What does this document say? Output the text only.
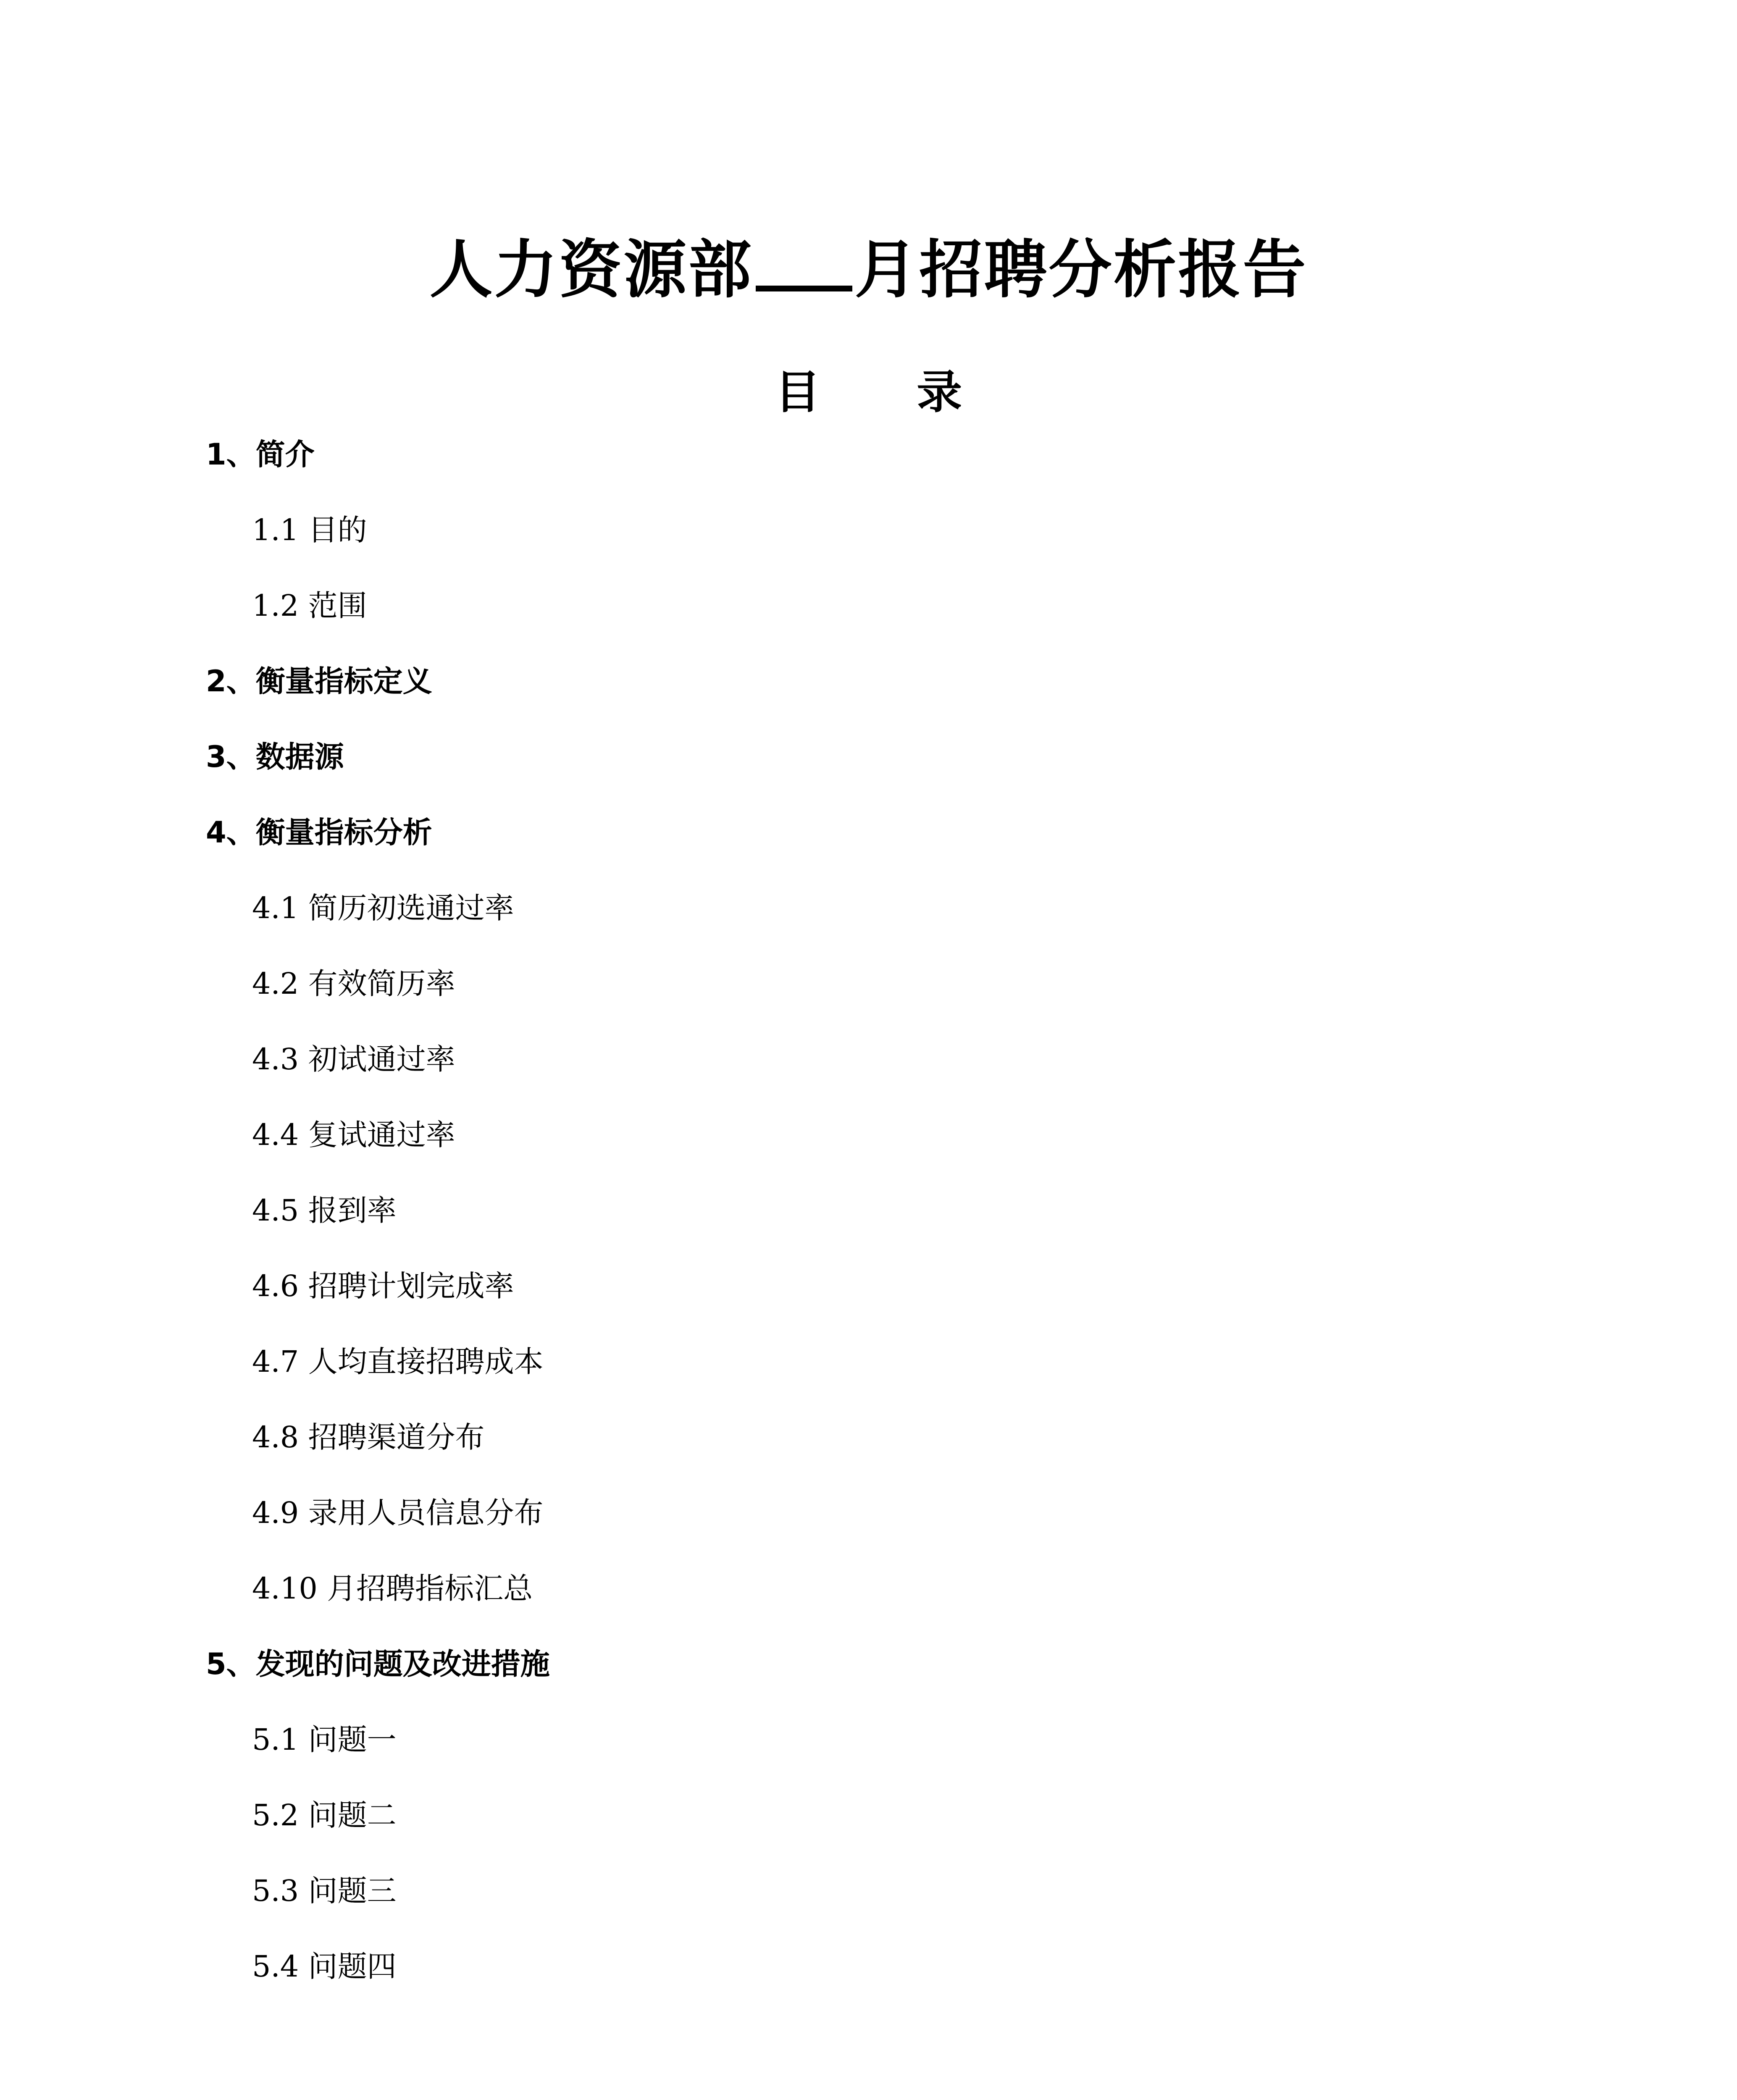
人力资源部 月招聘分析报告
目 录
1、简介
1.1 目的
1.2 范围
2、衡量指标定义
3、数据源
4、衡量指标分析
4.1 简历初选通过率
4.2 有效简历率
4.3 初试通过率
4.4 复试通过率
4.5 报到率
4.6 招聘计划完成率
4.7 人均直接招聘成本
4.8 招聘渠道分布
4.9 录用人员信息分布
4.10 月招聘指标汇总
5、发现的问题及改进措施
5.1 问题一
5.2 问题二
5.3 问题三
5.4 问题四
